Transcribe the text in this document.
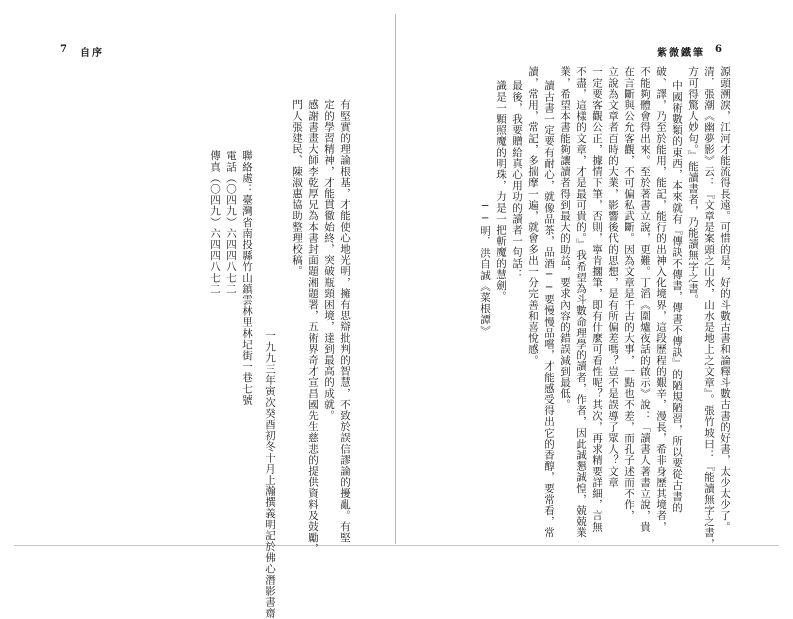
7 自序
有堅實的理論根基，才能使心地光明，擁有思辯批判的智慧，不致於誤信謬論的擾亂。有堅
定的學習精神，才能貫徹始終，突破瓶頸困境，達到最高的成就。
感謝書畫大師李乾厚兄為本書封面題湘題署，五術界奇才宣昌國先生慈悲的提供資料及鼓勵，
門人張建民、陳淑惠協助整理校稿。
一九九三年寅次癸酉初冬十月上瀚撰義明記於佛心潛影書齋
聯絡處：臺灣省南投縣竹山鎮雲林里林圮街一巷七號
電話（〇四九）六四四八七二
傳真（〇四九）六四四八七二
紫微鐵筆 6
源頭溯淚，江河才能流得長遠。可惜的是，好的斗數古書和論釋斗數古書的好書，太少太少了。
清．張潮《幽夢影》云：『文章是案頭之山水，山水是地上之文章』。張竹坡曰：『能讀無字之書，
方可得驚人妙句。』能讀書者，乃能讀無字之書。
中國術數類的東西，本來就有『傳訣不傳書，傳書不傳訣』的陋規陋習，所以要從古書的
破、譯，乃至於能用，能記，能行的出神入化境界，這段歷程的艱辛，漫長，希非身歷其境者，
不能夠體會得出來。至於著書立說，更難。丁滔《圍爐夜話的啟示》說：「讀書人著書立說，貴
在言斷與公允客觀，不可偏私武斷。因為文章是千古的大事，一點也不差，而孔子述而不作，
立說為文章者百時的大業，影響後代的思想，是有所偏差嗎？豈不是誤導了眾人？文章
一定要客觀公正，據情下筆，否則，寧肯擱筆，即有什麼可看性呢？其次，再求精要詳細，言無
不盡，這樣的文章，才是最可貴的。』我希望為斗數命理學的讀者，作者，因此誠懇誠惶，兢兢業
業，希望本書能夠讓讀者得到最大的助益，要求內容的錯誤減到最低。
讀古書一定要有耐心，就像品茶，品酒──要慢慢品嚐，才能感受得出它的香醇，要常看，常
讀，常用，常記，多揣摩一遍，就會多出一分完善和喜悅感。
最後，我要贈給真心用功的讀者一句話：
識是一顆照魔的明珠，力是一把斬魔的慧劍。
──明．洪自誠《菜根譚》
